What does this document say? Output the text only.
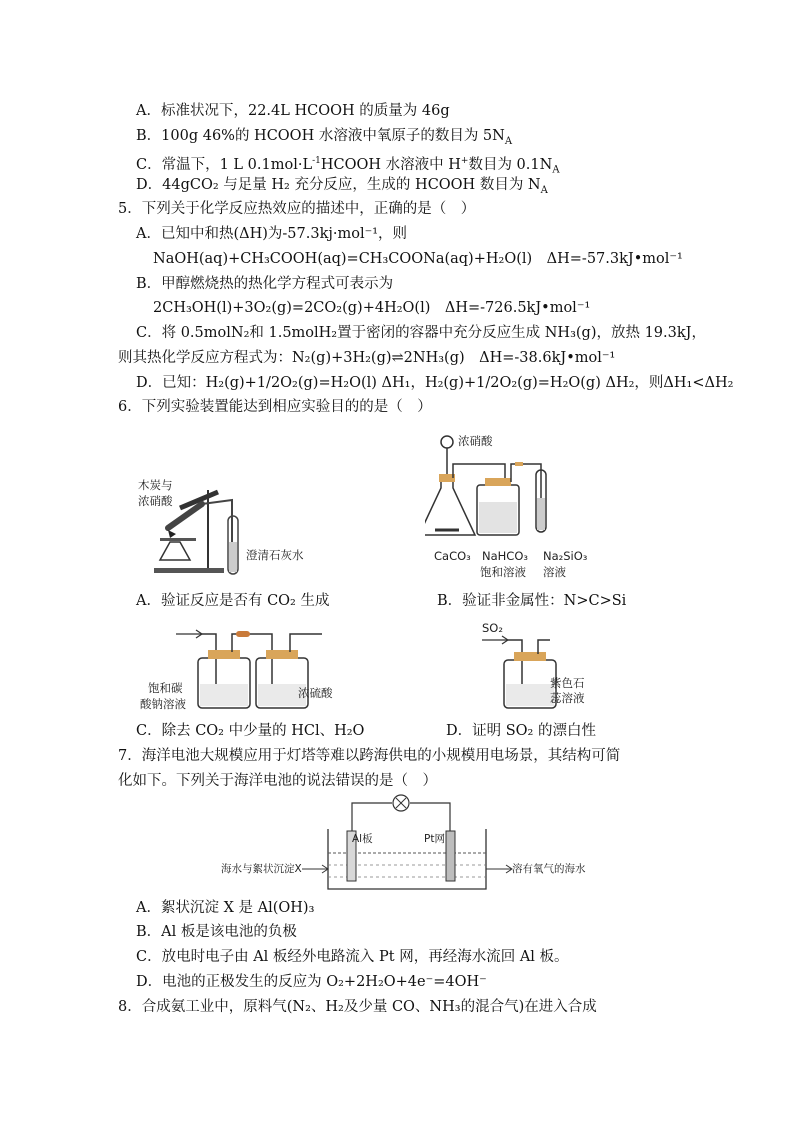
A．标准状况下，22.4L HCOOH 的质量为 46g
B．100g 46%的 HCOOH 水溶液中氧原子的数目为 $5N_A$
C．常温下，1 L $0.1mol\cdot L^{-1}HCOOH$ 水溶液中 H+数目为 $0.1N_A$
D．44gCO₂ 与足量 H₂ 充分反应，生成的 HCOOH 数目为 $N_A$
5．下列关于化学反应热效应的描述中，正确的是（　）
A．已知中和热(ΔH)为-57.3kj·mol⁻¹，则
NaOH(aq)+CH₃COOH(aq)=CH₃COONa(aq)+H₂O(l)　ΔH=-57.3kJ•mol⁻¹
B．甲醇燃烧热的热化学方程式可表示为
2CH₃OH(l)+3O₂(g)=2CO₂(g)+4H₂O(l)　ΔH=-726.5kJ•mol⁻¹
C．将 0.5molN₂和 1.5molH₂置于密闭的容器中充分反应生成 NH₃(g)，放热 19.3kJ，
则其热化学反应方程式为：N₂(g)+3H₂(g)⇌2NH₃(g)　ΔH=-38.6kJ•mol⁻¹
D．已知：H₂(g)+1/2O₂(g)=H₂O(l) ΔH₁，H₂(g)+1/2O₂(g)=H₂O(g) ΔH₂，则ΔH₁<ΔH₂
6．下列实验装置能达到相应实验目的的是（　）
木炭与
浓硝酸
澄清石灰水
浓硝酸
CaCO₃ NaHCO₃
饱和溶液
Na₂SiO₃
溶液
A．验证反应是否有 CO₂ 生成	B．验证非金属性：N>C>Si
饱和碳
酸钠溶液
浓硫酸
SO₂
紫色石
蕊溶液
C．除去 CO₂ 中少量的 HCl、H₂O	D．证明 SO₂ 的漂白性
7．海洋电池大规模应用于灯塔等难以跨海供电的小规模用电场景，其结构可简
化如下。下列关于海洋电池的说法错误的是（　）
Al板	Pt网
海水与絮状沉淀X	溶有氧气的海水
A．絮状沉淀 X 是 Al(OH)₃
B．Al 板是该电池的负极
C．放电时电子由 Al 板经外电路流入 Pt 网，再经海水流回 Al 板。
D．电池的正极发生的反应为 O₂+2H₂O+4e⁻=4OH⁻
8．合成氨工业中，原料气(N₂、H₂及少量 CO、NH₃的混合气)在进入合成
